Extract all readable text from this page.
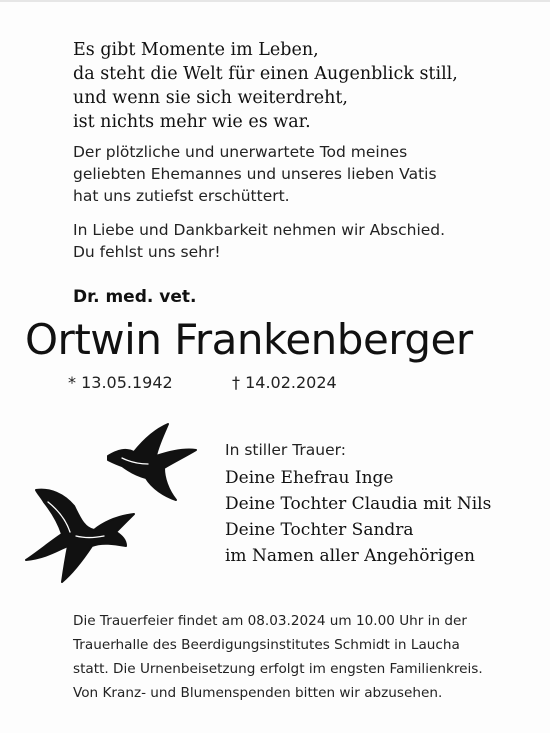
Es gibt Momente im Leben,
da steht die Welt für einen Augenblick still,
und wenn sie sich weiterdreht,
ist nichts mehr wie es war.
Der plötzliche und unerwartete Tod meines
geliebten Ehemannes und unseres lieben Vatis
hat uns zutiefst erschüttert.
In Liebe und Dankbarkeit nehmen wir Abschied.
Du fehlst uns sehr!
Dr. med. vet.
Ortwin Frankenberger
* 13.05.1942	† 14.02.2024
In stiller Trauer:
Deine Ehefrau Inge
Deine Tochter Claudia mit Nils
Deine Tochter Sandra
im Namen aller Angehörigen
Die Trauerfeier findet am 08.03.2024 um 10.00 Uhr in der
Trauerhalle des Beerdigungsinstitutes Schmidt in Laucha
statt. Die Urnenbeisetzung erfolgt im engsten Familienkreis.
Von Kranz- und Blumenspenden bitten wir abzusehen.
